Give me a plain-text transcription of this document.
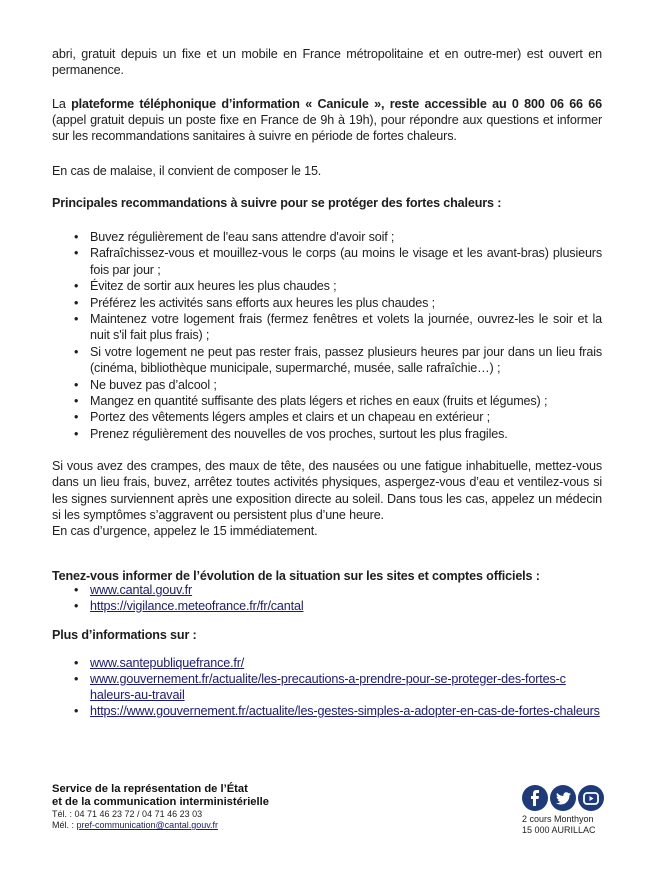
abri, gratuit depuis un fixe et un mobile en France métropolitaine et en outre-mer) est ouvert en permanence.

La plateforme téléphonique d’information « Canicule », reste accessible au 0 800 06 66 66 (appel gratuit depuis un poste fixe en France de 9h à 19h), pour répondre aux questions et informer sur les recommandations sanitaires à suivre en période de fortes chaleurs.

En cas de malaise, il convient de composer le 15.

Principales recommandations à suivre pour se protéger des fortes chaleurs :

• Buvez régulièrement de l'eau sans attendre d'avoir soif ;
• Rafraîchissez-vous et mouillez-vous le corps (au moins le visage et les avant-bras) plusieurs fois par jour ;
• Évitez de sortir aux heures les plus chaudes ;
• Préférez les activités sans efforts aux heures les plus chaudes ;
• Maintenez votre logement frais (fermez fenêtres et volets la journée, ouvrez-les le soir et la nuit s'il fait plus frais) ;
• Si votre logement ne peut pas rester frais, passez plusieurs heures par jour dans un lieu frais (cinéma, bibliothèque municipale, supermarché, musée, salle rafraîchie…) ;
• Ne buvez pas d’alcool ;
• Mangez en quantité suffisante des plats légers et riches en eaux (fruits et légumes) ;
• Portez des vêtements légers amples et clairs et un chapeau en extérieur ;
• Prenez régulièrement des nouvelles de vos proches, surtout les plus fragiles.

Si vous avez des crampes, des maux de tête, des nausées ou une fatigue inhabituelle, mettez-vous dans un lieu frais, buvez, arrêtez toutes activités physiques, aspergez-vous d’eau et ventilez-vous si les signes surviennent après une exposition directe au soleil. Dans tous les cas, appelez un médecin si les symptômes s’aggravent ou persistent plus d’une heure.

En cas d’urgence, appelez le 15 immédiatement.

Tenez-vous informer de l’évolution de la situation sur les sites et comptes officiels :

• www.cantal.gouv.fr
• https://vigilance.meteofrance.fr/fr/cantal

Plus d’informations sur :

• www.santepubliquefrance.fr/
• www.gouvernement.fr/actualite/les-precautions-a-prendre-pour-se-proteger-des-fortes-chaleurs-au-travail
• https://www.gouvernement.fr/actualite/les-gestes-simples-a-adopter-en-cas-de-fortes-chaleurs
Service de la représentation de l’État
et de la communication interministérielle
Tél. : 04 71 46 23 72 / 04 71 46 23 03
Mél. : pref-communication@cantal.gouv.fr
2 cours Monthyon
15 000 AURILLAC
